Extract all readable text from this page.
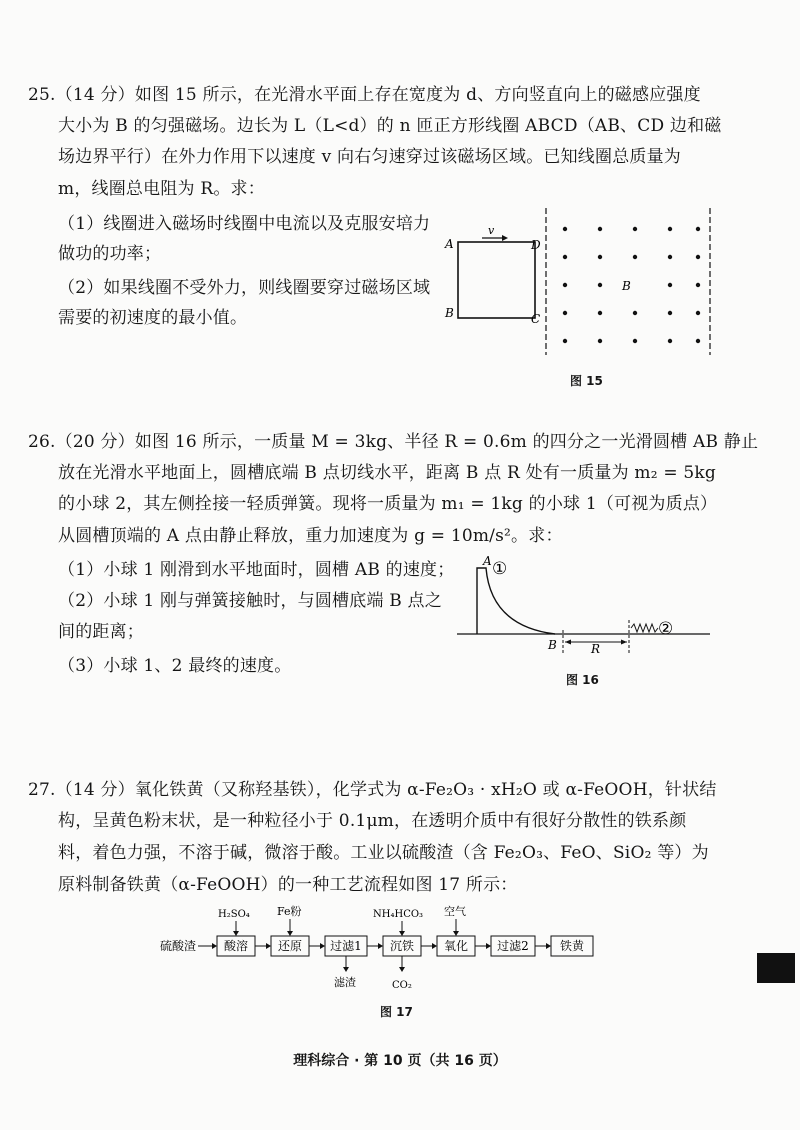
25.（14 分）如图 15 所示，在光滑水平面上存在宽度为 d、方向竖直向上的磁感应强度
大小为 B 的匀强磁场。边长为 L（L<d）的 n 匝正方形线圈 ABCD（AB、CD 边和磁
场边界平行）在外力作用下以速度 v 向右匀速穿过该磁场区域。已知线圈总质量为
m，线圈总电阻为 R。求：
（1）线圈进入磁场时线圈中电流以及克服安培力
做功的功率；
（2）如果线圈不受外力，则线圈要穿过磁场区域
需要的初速度的最小值。
A	D
B	C
v
B
图 15
26.（20 分）如图 16 所示，一质量 M = 3kg、半径 R = 0.6m 的四分之一光滑圆槽 AB 静止
放在光滑水平地面上，圆槽底端 B 点切线水平，距离 B 点 R 处有一质量为 m₂ = 5kg
的小球 2，其左侧拴接一轻质弹簧。现将一质量为 m₁ = 1kg 的小球 1（可视为质点）
从圆槽顶端的 A 点由静止释放，重力加速度为 g = 10m/s²。求：
（1）小球 1 刚滑到水平地面时，圆槽 AB 的速度；
（2）小球 1 刚与弹簧接触时，与圆槽底端 B 点之
间的距离；
（3）小球 1、2 最终的速度。
A ①
B	R
②
图 16
27.（14 分）氧化铁黄（又称羟基铁），化学式为 α-Fe₂O₃ · xH₂O 或 α-FeOOH，针状结
构，呈黄色粉末状，是一种粒径小于 0.1μm，在透明介质中有很好分散性的铁系颜
料，着色力强，不溶于碱，微溶于酸。工业以硫酸渣（含 Fe₂O₃、FeO、SiO₂ 等）为
原料制备铁黄（α-FeOOH）的一种工艺流程如图 17 所示：
硫酸渣 酸溶 还原 过滤1 沉铁 氧化 过滤2	铁黄
H₂SO₄ Fe粉	NH₄HCO₃ 空气
滤渣	CO₂
图 17
理科综合 · 第 10 页（共 16 页）
